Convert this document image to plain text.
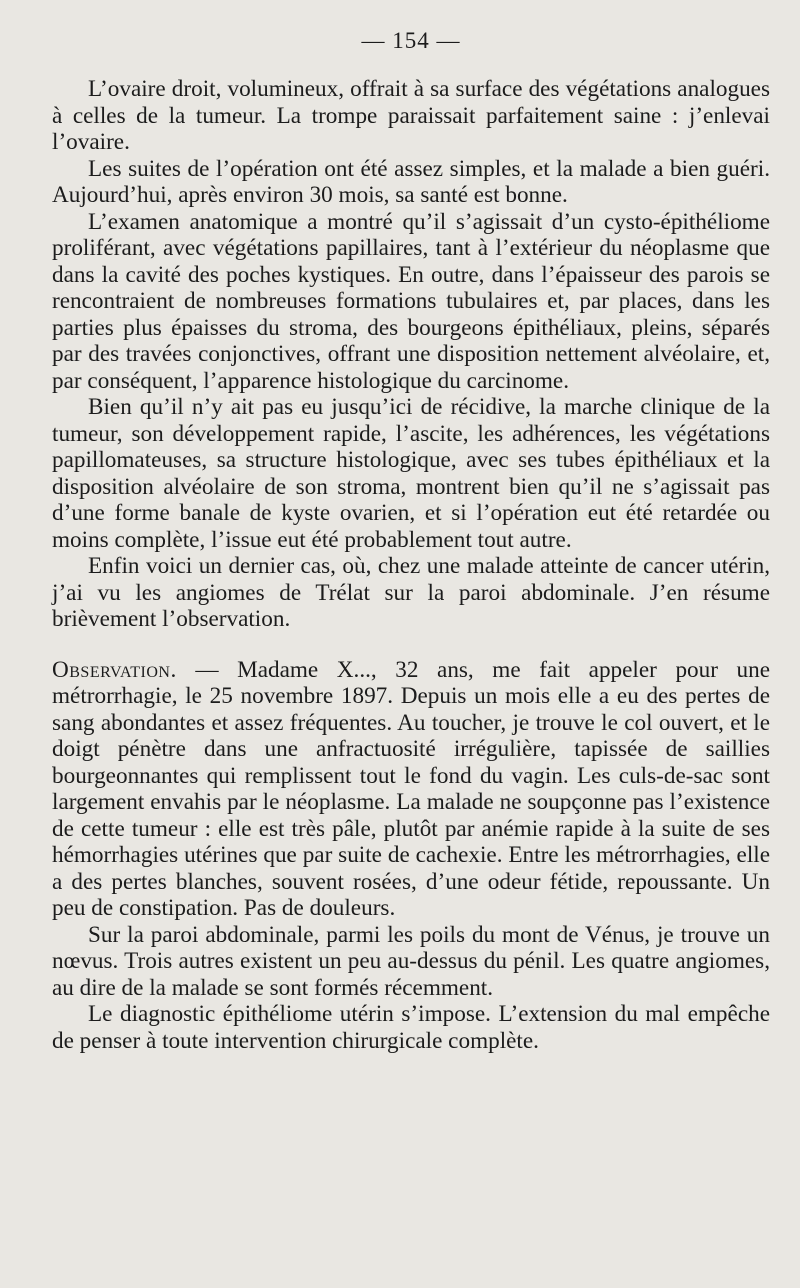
— 154 —

L’ovaire droit, volumineux, offrait à sa surface des végétations analogues à celles de la tumeur. La trompe paraissait parfaitement saine : j’enlevai l’ovaire.

Les suites de l’opération ont été assez simples, et la malade a bien guéri. Aujourd’hui, après environ 30 mois, sa santé est bonne.

L’examen anatomique a montré qu’il s’agissait d’un cysto-épithéliome proliférant, avec végétations papillaires, tant à l’extérieur du néoplasme que dans la cavité des poches kystiques. En outre, dans l’épaisseur des parois se rencontraient de nombreuses formations tubulaires et, par places, dans les parties plus épaisses du stroma, des bourgeons épithéliaux, pleins, séparés par des travées conjonctives, offrant une disposition nettement alvéolaire, et, par conséquent, l’apparence histologique du carcinome.

Bien qu’il n’y ait pas eu jusqu’ici de récidive, la marche clinique de la tumeur, son développement rapide, l’ascite, les adhérences, les végétations papillomateuses, sa structure histologique, avec ses tubes épithéliaux et la disposition alvéolaire de son stroma, montrent bien qu’il ne s’agissait pas d’une forme banale de kyste ovarien, et si l’opération eut été retardée ou moins complète, l’issue eut été probablement tout autre.

Enfin voici un dernier cas, où, chez une malade atteinte de cancer utérin, j’ai vu les angiomes de Trélat sur la paroi abdominale. J’en résume brièvement l’observation.

Observation. — Madame X..., 32 ans, me fait appeler pour une métrorrhagie, le 25 novembre 1897. Depuis un mois elle a eu des pertes de sang abondantes et assez fréquentes. Au toucher, je trouve le col ouvert, et le doigt pénètre dans une anfractuosité irrégulière, tapissée de saillies bourgeonnantes qui remplissent tout le fond du vagin. Les culs-de-sac sont largement envahis par le néoplasme. La malade ne soupçonne pas l’existence de cette tumeur : elle est très pâle, plutôt par anémie rapide à la suite de ses hémorrhagies utérines que par suite de cachexie. Entre les métrorrhagies, elle a des pertes blanches, souvent rosées, d’une odeur fétide, repoussante. Un peu de constipation. Pas de douleurs.

Sur la paroi abdominale, parmi les poils du mont de Vénus, je trouve un nœvus. Trois autres existent un peu au-dessus du pénil. Les quatre angiomes, au dire de la malade se sont formés récemment.

Le diagnostic épithéliome utérin s’impose. L’extension du mal empêche de penser à toute intervention chirurgicale complète.
